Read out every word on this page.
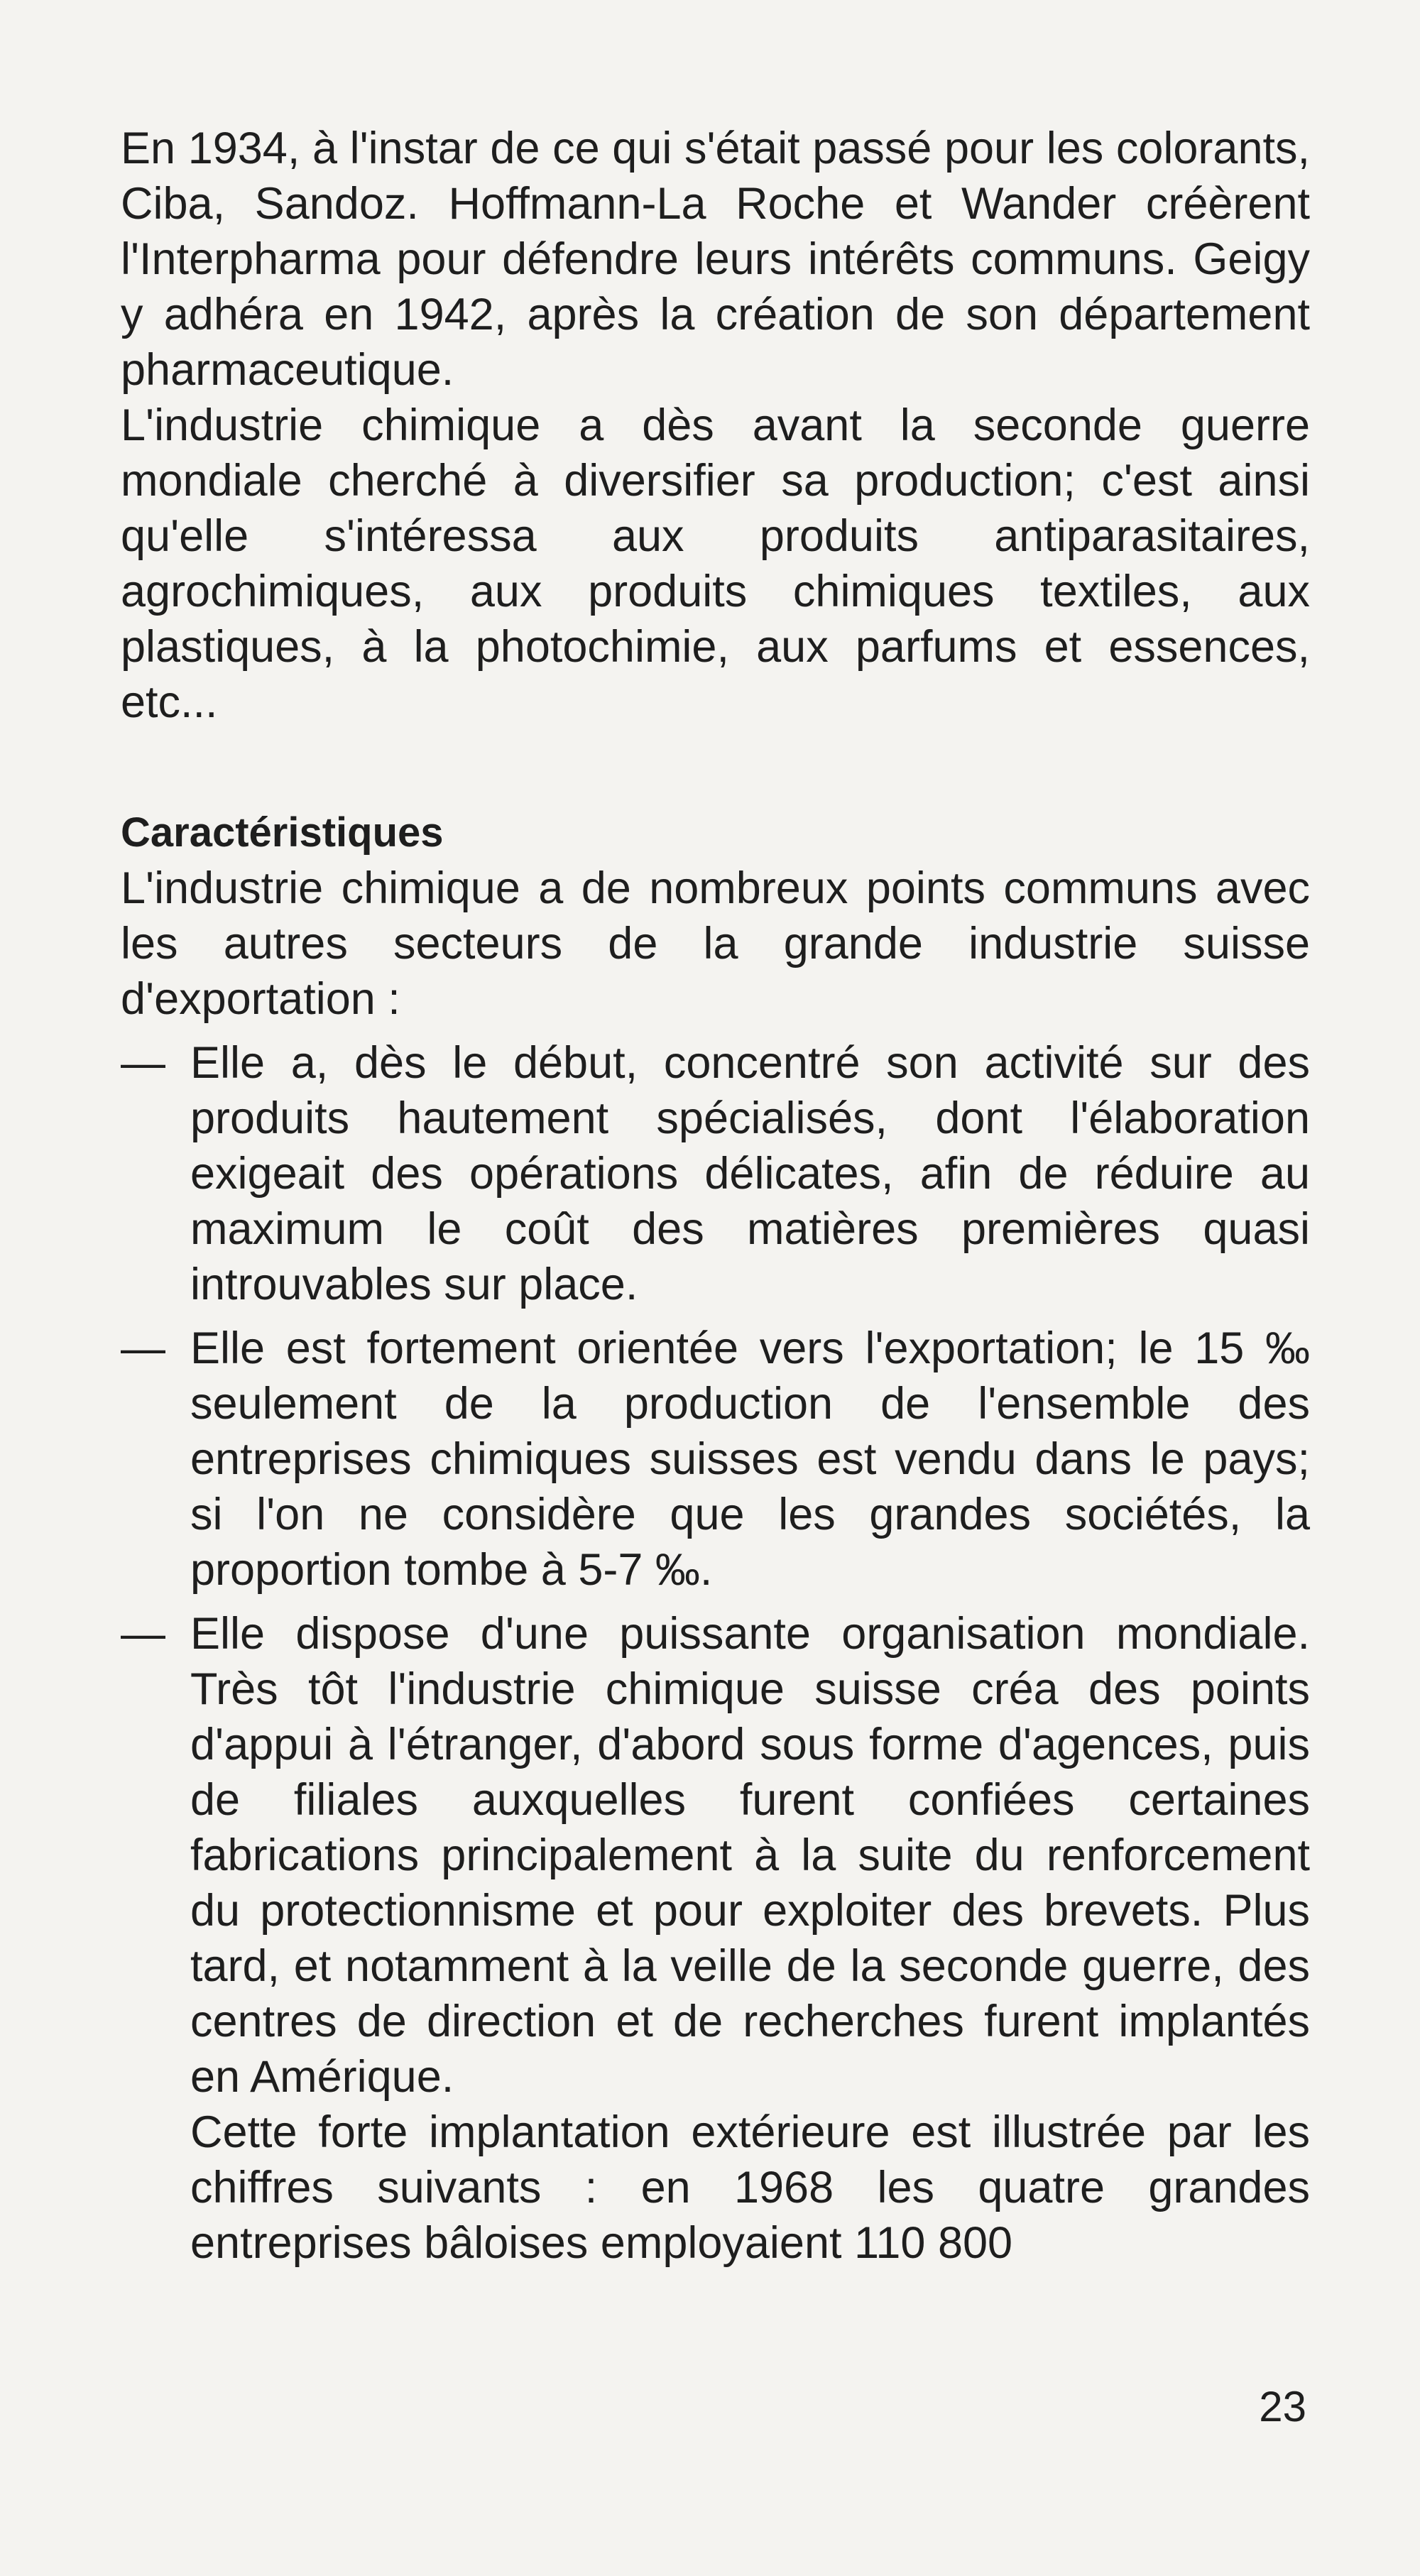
En 1934, à l'instar de ce qui s'était passé pour les colorants, Ciba, Sandoz. Hoffmann-La Roche et Wander créèrent l'Interpharma pour défendre leurs intérêts communs. Geigy y adhéra en 1942, après la création de son département pharmaceutique.

L'industrie chimique a dès avant la seconde guerre mondiale cherché à diversifier sa production; c'est ainsi qu'elle s'intéressa aux produits antiparasitaires, agrochimiques, aux produits chimiques textiles, aux plastiques, à la photochimie, aux parfums et essences, etc...

Caractéristiques

L'industrie chimique a de nombreux points communs avec les autres secteurs de la grande industrie suisse d'exportation :

— Elle a, dès le début, concentré son activité sur des produits hautement spécialisés, dont l'élaboration exigeait des opérations délicates, afin de réduire au maximum le coût des matières premières quasi introuvables sur place.

— Elle est fortement orientée vers l'exportation; le 15 ‰ seulement de la production de l'ensemble des entreprises chimiques suisses est vendu dans le pays; si l'on ne considère que les grandes sociétés, la proportion tombe à 5-7 ‰.

— Elle dispose d'une puissante organisation mondiale. Très tôt l'industrie chimique suisse créa des points d'appui à l'étranger, d'abord sous forme d'agences, puis de filiales auxquelles furent confiées certaines fabrications principalement à la suite du renforcement du protectionnisme et pour exploiter des brevets. Plus tard, et notamment à la veille de la seconde guerre, des centres de direction et de recherches furent implantés en Amérique.

Cette forte implantation extérieure est illustrée par les chiffres suivants : en 1968 les quatre grandes entreprises bâloises employaient 110 800

23
